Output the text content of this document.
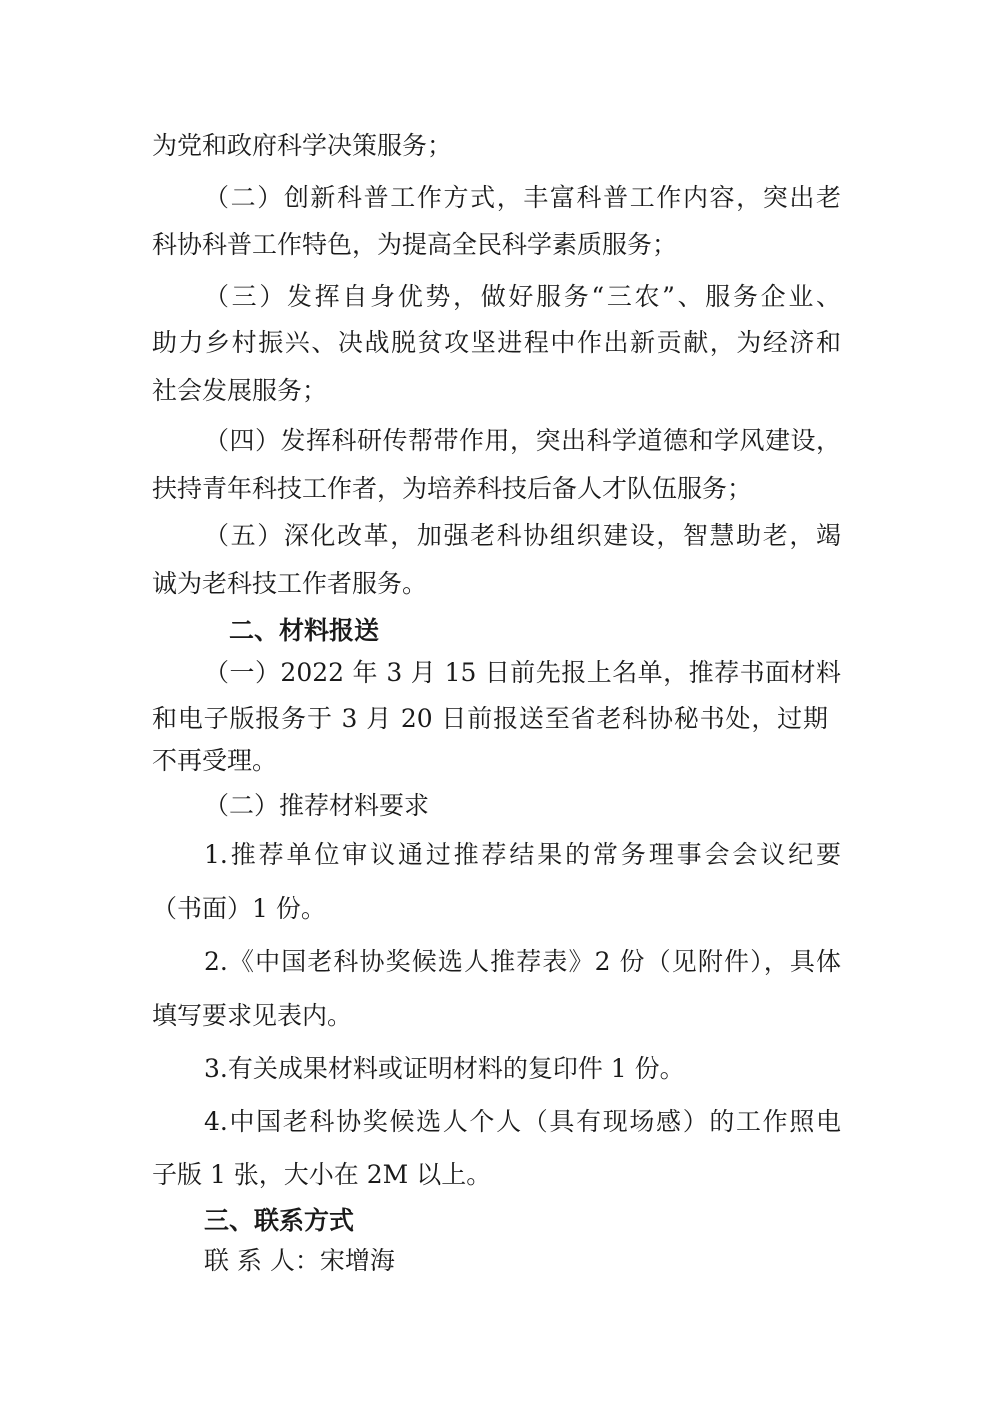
为党和政府科学决策服务；
（二）创新科普工作方式，丰富科普工作内容，突出老
科协科普工作特色，为提高全民科学素质服务；
（三）发挥自身优势，做好服务“三农”、服务企业、
助力乡村振兴、决战脱贫攻坚进程中作出新贡献，为经济和
社会发展服务；
（四）发挥科研传帮带作用，突出科学道德和学风建设，
扶持青年科技工作者，为培养科技后备人才队伍服务；
（五）深化改革，加强老科协组织建设，智慧助老，竭
诚为老科技工作者服务。
二、材料报送
（一）2022 年 3 月 15 日前先报上名单，推荐书面材料
和电子版报务于 3 月 20 日前报送至省老科协秘书处，过期
不再受理。
（二）推荐材料要求
1.推荐单位审议通过推荐结果的常务理事会会议纪要
（书面）1 份。
2.《中国老科协奖候选人推荐表》2 份（见附件），具体
填写要求见表内。
3.有关成果材料或证明材料的复印件 1 份。
4.中国老科协奖候选人个人（具有现场感）的工作照电
子版 1 张，大小在 2M 以上。
三、联系方式
联 系 人：宋增海
